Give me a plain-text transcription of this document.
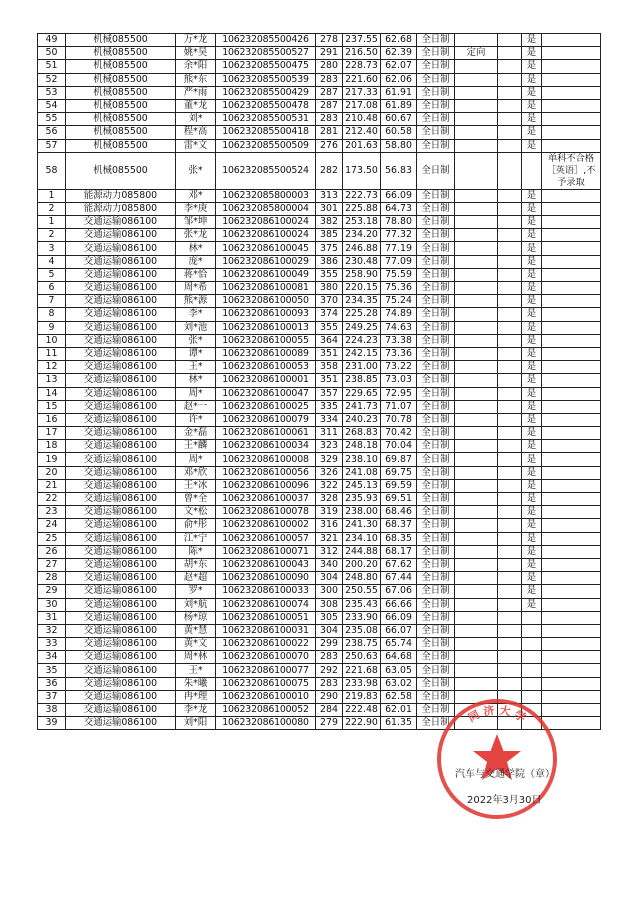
49	机械085500	万*龙	106232085500426	278	237.55	62.68	全日制			是	
50	机械085500	姚*昊	106232085500527	291	216.50	62.39	全日制	定向		是	
51	机械085500	余*阳	106232085500475	280	228.73	62.07	全日制			是	
52	机械085500	熊*东	106232085500539	283	221.60	62.06	全日制			是	
53	机械085500	严*雨	106232085500429	287	217.33	61.91	全日制			是	
54	机械085500	董*龙	106232085500478	287	217.08	61.89	全日制			是	
55	机械085500	刘*	106232085500531	283	210.48	60.67	全日制			是	
56	机械085500	程*高	106232085500418	281	212.40	60.58	全日制			是	
57	机械085500	雷*文	106232085500509	276	201.63	58.80	全日制			是	
58	机械085500	张*	106232085500524	282	173.50	56.83	全日制				单科不合格［英语］,不予录取
1	能源动力085800	邓*	106232085800003	313	222.73	66.09	全日制			是	
2	能源动力085800	李*庚	106232085800004	301	225.88	64.73	全日制			是	
1	交通运输086100	邹*坤	106232086100024	382	253.18	78.80	全日制			是	
2	交通运输086100	张*龙	106232086100024	385	234.20	77.32	全日制			是	
3	交通运输086100	林*	106232086100045	375	246.88	77.19	全日制			是	
4	交通运输086100	庞*	106232086100029	386	230.48	77.09	全日制			是	
5	交通运输086100	蒋*恰	106232086100049	355	258.90	75.59	全日制			是	
6	交通运输086100	周*希	106232086100081	380	220.15	75.36	全日制			是	
7	交通运输086100	熊*源	106232086100050	370	234.35	75.24	全日制			是	
8	交通运输086100	李*	106232086100093	374	225.28	74.89	全日制			是	
9	交通运输086100	刘*池	106232086100013	355	249.25	74.63	全日制			是	
10	交通运输086100	张*	106232086100055	364	224.23	73.38	全日制			是	
11	交通运输086100	谭*	106232086100089	351	242.15	73.36	全日制			是	
12	交通运输086100	王*	106232086100053	358	231.00	73.22	全日制			是	
13	交通运输086100	林*	106232086100001	351	238.85	73.03	全日制			是	
14	交通运输086100	周*	106232086100047	357	229.65	72.95	全日制			是	
15	交通运输086100	赵*一	106232086100025	335	241.73	71.07	全日制			是	
16	交通运输086100	许*	106232086100079	334	240.23	70.78	全日制			是	
17	交通运输086100	金*磊	106232086100061	311	268.83	70.42	全日制			是	
18	交通运输086100	王*麟	106232086100034	323	248.18	70.04	全日制			是	
19	交通运输086100	周*	106232086100008	329	238.10	69.87	全日制			是	
20	交通运输086100	邓*欣	106232086100056	326	241.08	69.75	全日制			是	
21	交通运输086100	王*冰	106232086100096	322	245.13	69.59	全日制			是	
22	交通运输086100	曾*全	106232086100037	328	235.93	69.51	全日制			是	
23	交通运输086100	文*松	106232086100078	319	238.00	68.46	全日制			是	
24	交通运输086100	俞*彤	106232086100002	316	241.30	68.37	全日制			是	
25	交通运输086100	江*宁	106232086100057	321	234.10	68.35	全日制			是	
26	交通运输086100	陈*	106232086100071	312	244.88	68.17	全日制			是	
27	交通运输086100	胡*东	106232086100043	340	200.20	67.62	全日制			是	
28	交通运输086100	赵*超	106232086100090	304	248.80	67.44	全日制			是	
29	交通运输086100	罗*	106232086100033	300	250.55	67.06	全日制			是	
30	交通运输086100	刘*航	106232086100074	308	235.43	66.66	全日制			是	
31	交通运输086100	杨*琼	106232086100051	305	233.90	66.09	全日制				
32	交通运输086100	黄*慧	106232086100031	304	235.08	66.07	全日制				
33	交通运输086100	黄*文	106232086100022	299	238.75	65.74	全日制				
34	交通运输086100	周*林	106232086100070	283	250.63	64.68	全日制				
35	交通运输086100	王*	106232086100077	292	221.68	63.05	全日制				
36	交通运输086100	朱*曦	106232086100075	283	233.98	63.02	全日制				
37	交通运输086100	冉*理	106232086100010	290	219.83	62.58	全日制				
38	交通运输086100	李*龙	106232086100052	284	222.48	62.01	全日制				
39	交通运输086100	刘*阳	106232086100080	279	222.90	61.35	全日制				同 济 大 学
汽车与交通学院（章）
2022年3月30日
